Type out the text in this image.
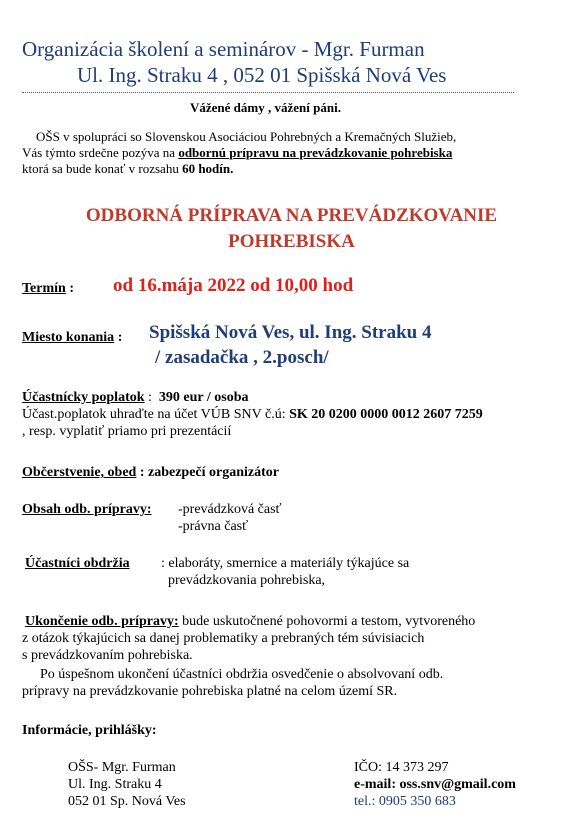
Organizácia školení a seminárov - Mgr. Furman
Ul. Ing. Straku 4 , 052 01 Spišská Nová Ves
Vážené dámy , vážení páni.
OŠS v spolupráci so Slovenskou Asociáciou Pohrebných a Kremačných Služieb,
Vás týmto srdečne pozýva na odbornú prípravu na prevádzkovanie pohrebiska
ktorá sa bude konať v rozsahu 60 hodín.
ODBORNÁ PRÍPRAVA NA PREVÁDZKOVANIE
POHREBISKA
Termín : od 16.mája 2022 od 10,00 hod
Miesto konania : Spišská Nová Ves, ul. Ing. Straku 4
/ zasadačka , 2.posch/
Účastnícky poplatok : 390 eur / osoba
Účast.poplatok uhraďte na účet VÚB SNV č.ú: SK 20 0200 0000 0012 2607 7259
, resp. vyplatiť priamo pri prezentácií
Občerstvenie, obed : zabezpečí organizátor
Obsah odb. prípravy: -prevádzková časť
-právna časť
Účastníci obdržia : elaboráty, smernice a materiály týkajúce sa
prevádzkovania pohrebiska,
Ukončenie odb. prípravy: bude uskutočnené pohovormi a testom, vytvoreného
z otázok týkajúcich sa danej problematiky a prebraných tém súvisiacich
s prevádzkovaním pohrebiska.
Po úspešnom ukončení účastníci obdržia osvedčenie o absolvovaní odb.
prípravy na prevádzkovanie pohrebiska platné na celom území SR.
Informácie, prihlášky:
OŠS- Mgr. Furman
Ul. Ing. Straku 4
052 01 Sp. Nová Ves
IČO: 14 373 297
e-mail: oss.snv@gmail.com
tel.: 0905 350 683
